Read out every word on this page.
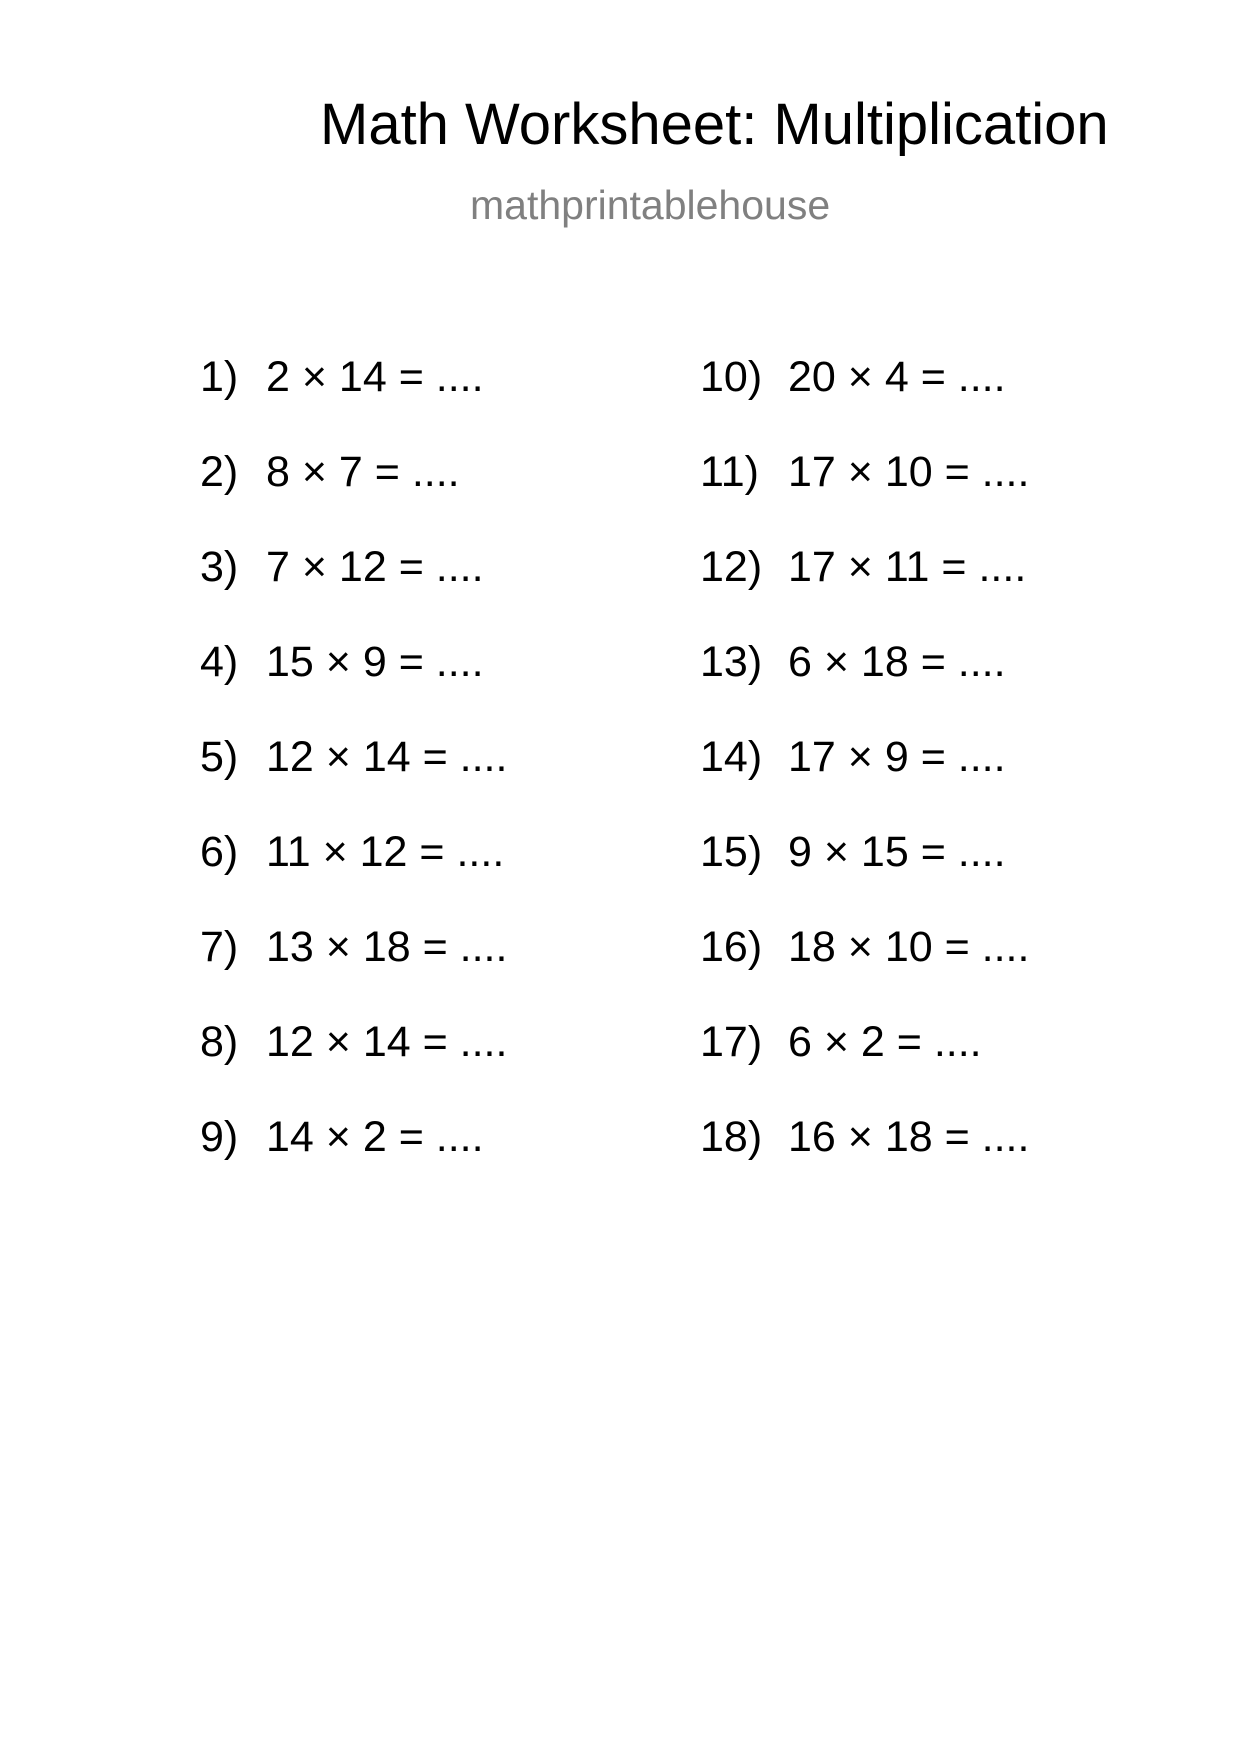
Math Worksheet: Multiplication
mathprintablehouse
1) 2 × 14 = ....
2) 8 × 7 = ....
3) 7 × 12 = ....
4) 15 × 9 = ....
5) 12 × 14 = ....
6) 11 × 12 = ....
7) 13 × 18 = ....
8) 12 × 14 = ....
9) 14 × 2 = ....
10) 20 × 4 = ....
11) 17 × 10 = ....
12) 17 × 11 = ....
13) 6 × 18 = ....
14) 17 × 9 = ....
15) 9 × 15 = ....
16) 18 × 10 = ....
17) 6 × 2 = ....
18) 16 × 18 = ....
